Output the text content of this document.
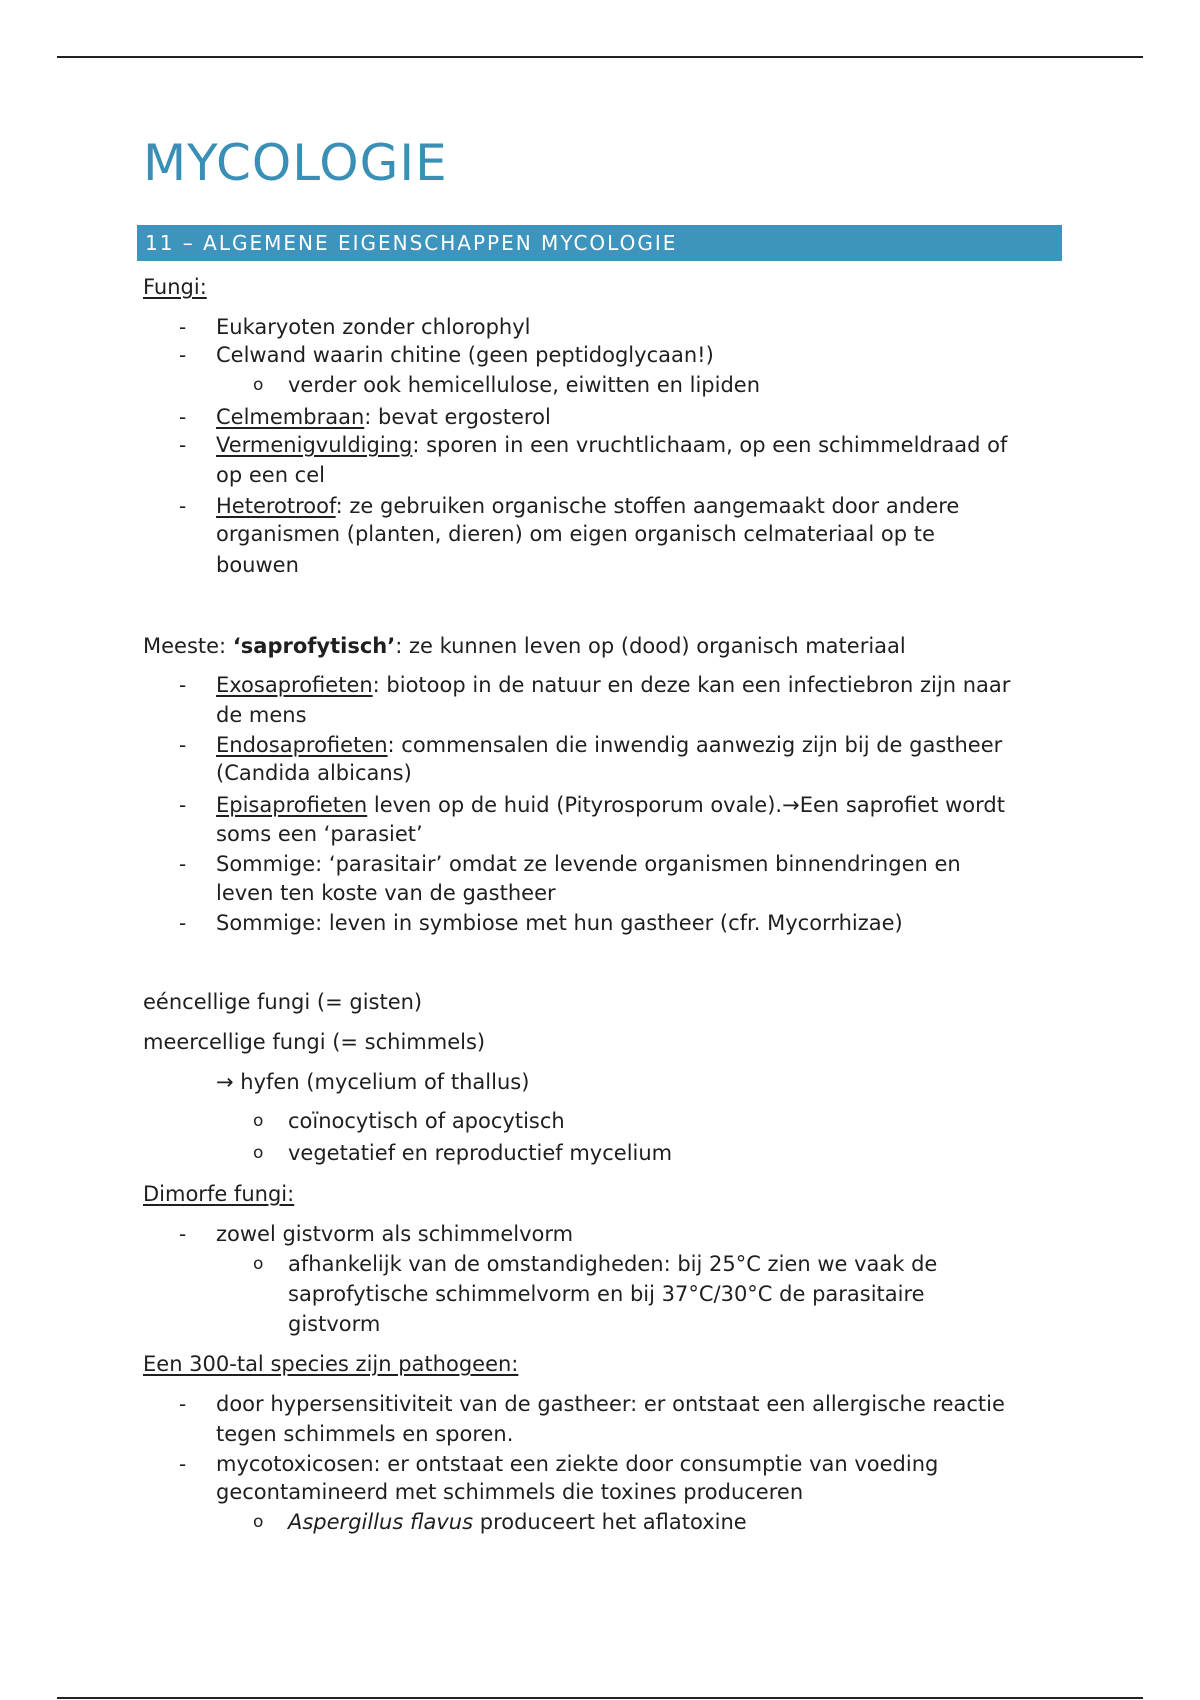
MYCOLOGIE
11 – ALGEMENE EIGENSCHAPPEN MYCOLOGIE
Fungi:
- Eukaryoten zonder chlorophyl
- Celwand waarin chitine (geen peptidoglycaan!)
o verder ook hemicellulose, eiwitten en lipiden
- Celmembraan: bevat ergosterol
- Vermenigvuldiging: sporen in een vruchtlichaam, op een schimmeldraad of
op een cel
- Heterotroof: ze gebruiken organische stoffen aangemaakt door andere
organismen (planten, dieren) om eigen organisch celmateriaal op te
bouwen
Meeste: ‘saprofytisch’: ze kunnen leven op (dood) organisch materiaal
- Exosaprofieten: biotoop in de natuur en deze kan een infectiebron zijn naar
de mens
- Endosaprofieten: commensalen die inwendig aanwezig zijn bij de gastheer
(Candida albicans)
- Episaprofieten leven op de huid (Pityrosporum ovale).→Een saprofiet wordt
soms een ‘parasiet’
- Sommige: ‘parasitair’ omdat ze levende organismen binnendringen en
leven ten koste van de gastheer
- Sommige: leven in symbiose met hun gastheer (cfr. Mycorrhizae)
eéncellige fungi (= gisten)
meercellige fungi (= schimmels)
→ hyfen (mycelium of thallus)
o coïnocytisch of apocytisch
o vegetatief en reproductief mycelium
Dimorfe fungi:
- zowel gistvorm als schimmelvorm
o afhankelijk van de omstandigheden: bij 25°C zien we vaak de
saprofytische schimmelvorm en bij 37°C/30°C de parasitaire
gistvorm
Een 300-tal species zijn pathogeen:
- door hypersensitiviteit van de gastheer: er ontstaat een allergische reactie
tegen schimmels en sporen.
- mycotoxicosen: er ontstaat een ziekte door consumptie van voeding
gecontamineerd met schimmels die toxines produceren
o Aspergillus flavus produceert het aflatoxine
